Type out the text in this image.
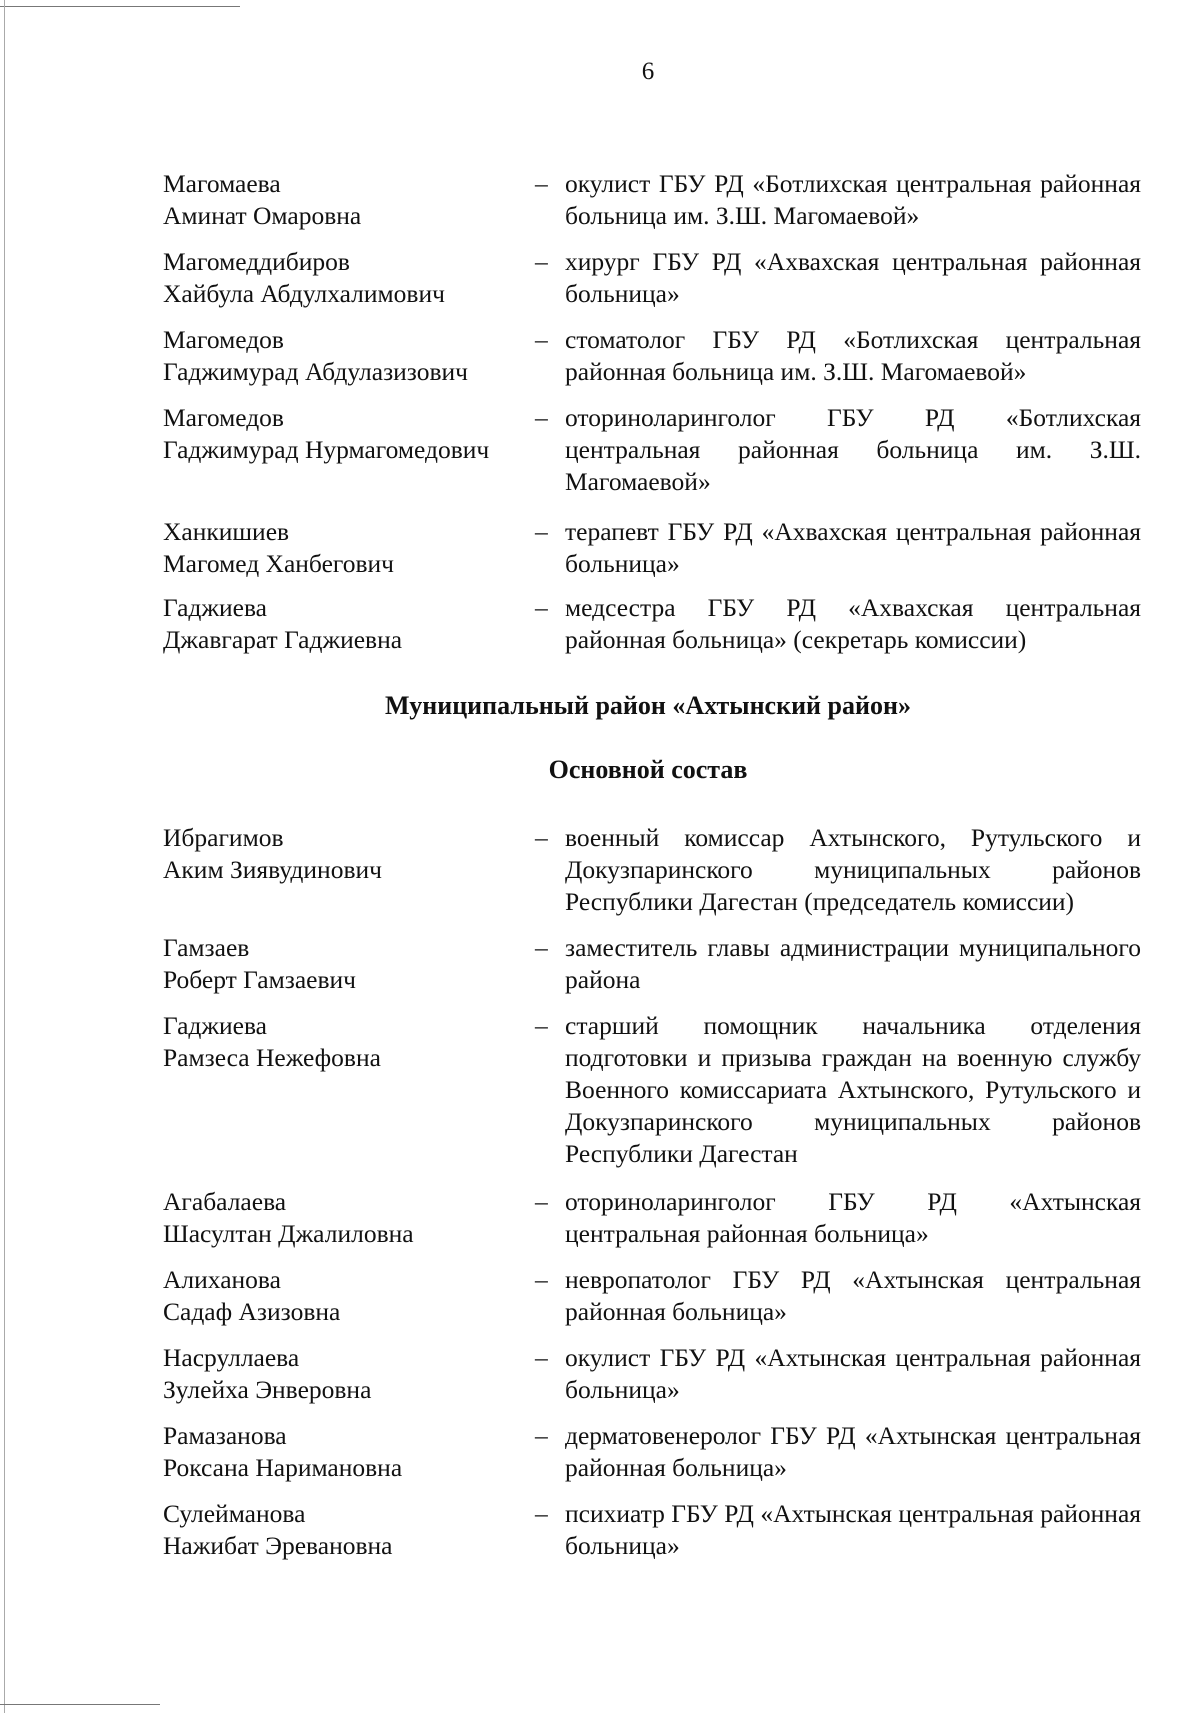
6
Магомаева
Аминат Омаровна
– окулист ГБУ РД «Ботлихская центральная районная больница им. З.Ш. Магомаевой»
Магомеддибиров
Хайбула Абдулхалимович
– хирург ГБУ РД «Ахвахская центральная районная больница»
Магомедов
Гаджимурад Абдулазизович
– стоматолог ГБУ РД «Ботлихская центральная районная больница им. З.Ш. Магомаевой»
Магомедов
Гаджимурад Нурмагомедович
– оториноларинголог ГБУ РД «Ботлихская центральная районная больница им. З.Ш. Магомаевой»
Ханкишиев
Магомед Ханбегович
– терапевт ГБУ РД «Ахвахская центральная районная больница»
Гаджиева
Джавгарат Гаджиевна
– медсестра ГБУ РД «Ахвахская центральная районная больница» (секретарь комиссии)
Муниципальный район «Ахтынский район»
Основной состав
Ибрагимов
Аким Зиявудинович
– военный комиссар Ахтынского, Рутульского и Докузпаринского муниципальных районов Республики Дагестан (председатель комиссии)
Гамзаев
Роберт Гамзаевич
– заместитель главы администрации муниципального района
Гаджиева
Рамзеса Нежефовна
– старший помощник начальника отделения подготовки и призыва граждан на военную службу Военного комиссариата Ахтынского, Рутульского и Докузпаринского муниципальных районов Республики Дагестан
Агабалаева
Шасултан Джалиловна
– оториноларинголог ГБУ РД «Ахтынская центральная районная больница»
Алиханова
Садаф Азизовна
– невропатолог ГБУ РД «Ахтынская центральная районная больница»
Насруллаева
Зулейха Энверовна
– окулист ГБУ РД «Ахтынская центральная районная больница»
Рамазанова
Роксана Наримановна
– дерматовенеролог ГБУ РД «Ахтынская центральная районная больница»
Сулейманова
Нажибат Эревановна
– психиатр ГБУ РД «Ахтынская центральная районная больница»
